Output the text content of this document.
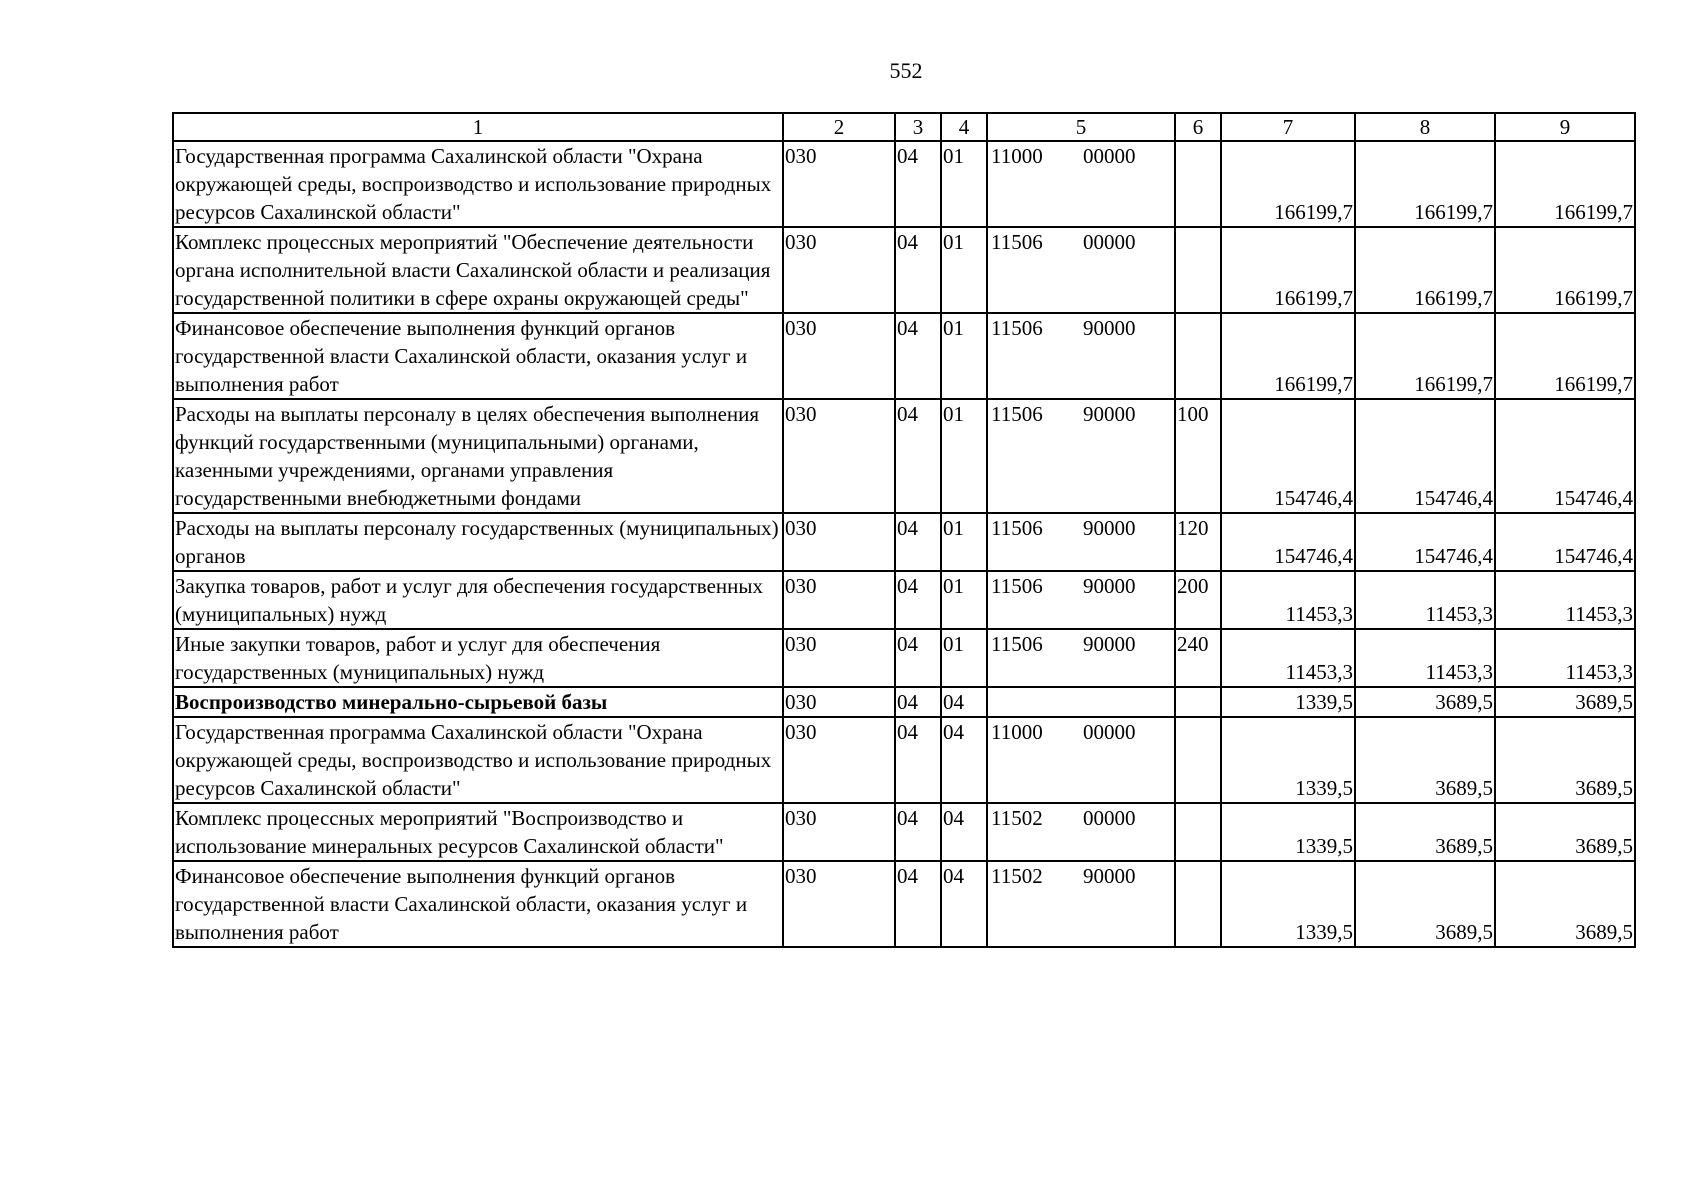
552
1	2	3	4	5	6	7	8	9
Государственная программа Сахалинской области "Охрана окружающей среды, воспроизводство и использование природных ресурсов Сахалинской области"	030	04	01	11000 00000		166199,7	166199,7	166199,7
Комплекс процессных мероприятий "Обеспечение деятельности органа исполнительной власти Сахалинской области и реализация государственной политики в сфере охраны окружающей среды"	030	04	01	11506 00000		166199,7	166199,7	166199,7
Финансовое обеспечение выполнения функций органов государственной власти Сахалинской области, оказания услуг и выполнения работ	030	04	01	11506 90000		166199,7	166199,7	166199,7
Расходы на выплаты персоналу в целях обеспечения выполнения функций государственными (муниципальными) органами, казенными учреждениями, органами управления государственными внебюджетными фондами	030	04	01	11506 90000	100	154746,4	154746,4	154746,4
Расходы на выплаты персоналу государственных (муниципальных) органов	030	04	01	11506 90000	120	154746,4	154746,4	154746,4
Закупка товаров, работ и услуг для обеспечения государственных (муниципальных) нужд	030	04	01	11506 90000	200	11453,3	11453,3	11453,3
Иные закупки товаров, работ и услуг для обеспечения государственных (муниципальных) нужд	030	04	01	11506 90000	240	11453,3	11453,3	11453,3
Воспроизводство минерально-сырьевой базы	030	04	04			1339,5	3689,5	3689,5
Государственная программа Сахалинской области "Охрана окружающей среды, воспроизводство и использование природных ресурсов Сахалинской области"	030	04	04	11000 00000		1339,5	3689,5	3689,5
Комплекс процессных мероприятий "Воспроизводство и использование минеральных ресурсов Сахалинской области"	030	04	04	11502 00000		1339,5	3689,5	3689,5
Финансовое обеспечение выполнения функций органов государственной власти Сахалинской области, оказания услуг и выполнения работ	030	04	04	11502 90000		1339,5	3689,5	3689,5
